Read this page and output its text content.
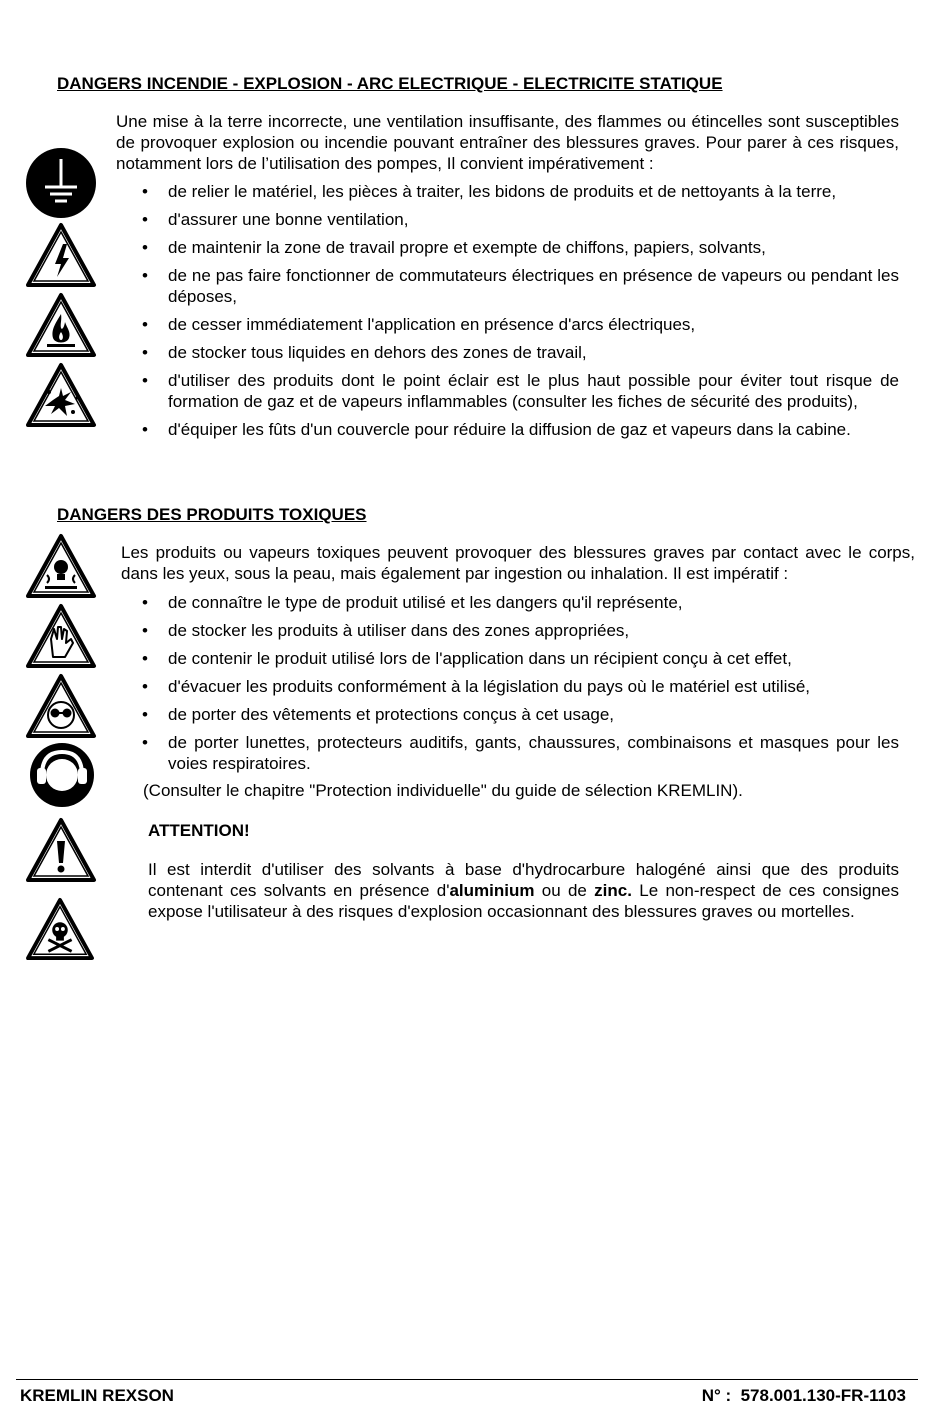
DANGERS INCENDIE - EXPLOSION - ARC ELECTRIQUE - ELECTRICITE STATIQUE
Une mise à la terre incorrecte, une ventilation insuffisante, des flammes ou étincelles sont susceptibles de provoquer explosion ou incendie pouvant entraîner des blessures graves. Pour parer à ces risques, notamment lors de l’utilisation des pompes, Il convient impérativement :
• de relier le matériel, les pièces à traiter, les bidons de produits et de nettoyants à la terre,
• d'assurer une bonne ventilation,
• de maintenir la zone de travail propre et exempte de chiffons, papiers, solvants,
• de ne pas faire fonctionner de commutateurs électriques en présence de vapeurs ou pendant les déposes,
• de cesser immédiatement l'application en présence d'arcs électriques,
• de stocker tous liquides en dehors des zones de travail,
• d'utiliser des produits dont le point éclair est le plus haut possible pour éviter tout risque de formation de gaz et de vapeurs inflammables (consulter les fiches de sécurité des produits),
• d'équiper les fûts d'un couvercle pour réduire la diffusion de gaz et vapeurs dans la cabine.
DANGERS DES PRODUITS TOXIQUES
Les produits ou vapeurs toxiques peuvent provoquer des blessures graves par contact avec le corps, dans les yeux, sous la peau, mais également par ingestion ou inhalation. Il est impératif :
• de connaître le type de produit utilisé et les dangers qu'il représente,
• de stocker les produits à utiliser dans des zones appropriées,
• de contenir le produit utilisé lors de l'application dans un récipient conçu à cet effet,
• d'évacuer les produits conformément à la législation du pays où le matériel est utilisé,
• de porter des vêtements et protections conçus à cet usage,
• de porter lunettes, protecteurs auditifs, gants, chaussures, combinaisons et masques pour les voies respiratoires.
(Consulter le chapitre "Protection individuelle" du guide de sélection KREMLIN).
ATTENTION!
Il est interdit d'utiliser des solvants à base d'hydrocarbure halogéné ainsi que des produits contenant ces solvants en présence d'aluminium ou de zinc. Le non-respect de ces consignes expose l'utilisateur à des risques d'explosion occasionnant des blessures graves ou mortelles.
KREMLIN REXSON	N° :  578.001.130-FR-1103
